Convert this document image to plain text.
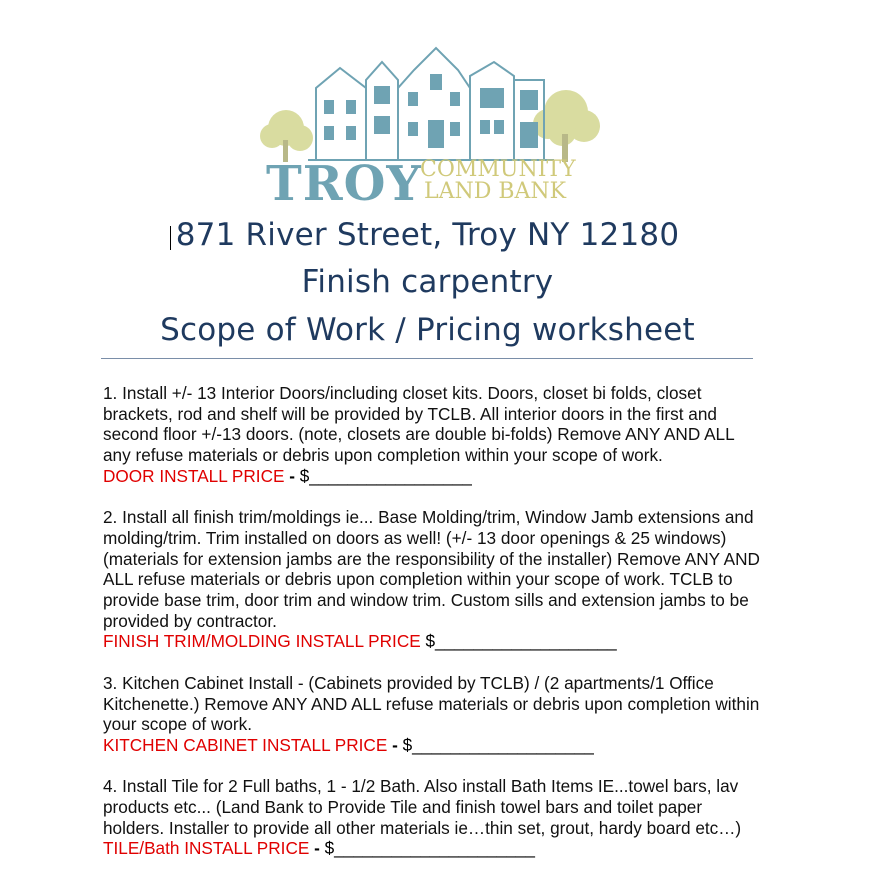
TROY
COMMUNITY
LAND BANK
871 River Street, Troy NY 12180
Finish carpentry
Scope of Work / Pricing worksheet
1. Install +/- 13 Interior Doors/including closet kits. Doors, closet bi folds, closet brackets, rod and shelf will be provided by TCLB. All interior doors in the first and second floor +/-13 doors. (note, closets are double bi-folds) Remove ANY AND ALL any refuse materials or debris upon completion within your scope of work.
DOOR INSTALL PRICE - $_________________
2. Install all finish trim/moldings ie... Base Molding/trim, Window Jamb extensions and molding/trim. Trim installed on doors as well! (+/- 13 door openings & 25 windows) (materials for extension jambs are the responsibility of the installer) Remove ANY AND ALL refuse materials or debris upon completion within your scope of work. TCLB to provide base trim, door trim and window trim. Custom sills and extension jambs to be provided by contractor.
FINISH TRIM/MOLDING INSTALL PRICE $___________________
3. Kitchen Cabinet Install - (Cabinets provided by TCLB) / (2 apartments/1 Office Kitchenette.) Remove ANY AND ALL refuse materials or debris upon completion within your scope of work.
KITCHEN CABINET INSTALL PRICE - $___________________
4. Install Tile for 2 Full baths, 1 - 1/2 Bath. Also install Bath Items IE...towel bars, lav products etc... (Land Bank to Provide Tile and finish towel bars and toilet paper holders. Installer to provide all other materials ie…thin set, grout, hardy board etc…)
TILE/Bath INSTALL PRICE - $_____________________
